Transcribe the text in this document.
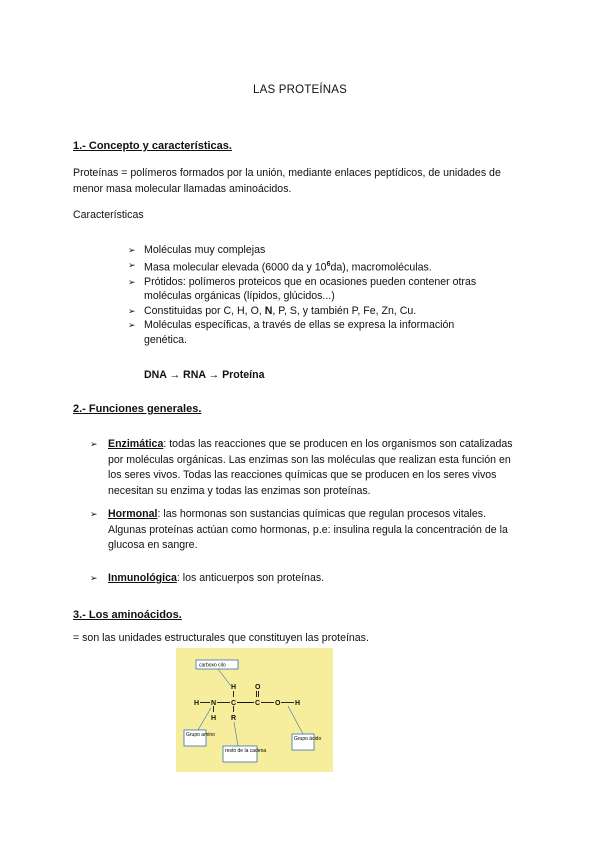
LAS PROTEÍNAS
1.- Concepto y características.
Proteínas = polímeros formados por la unión, mediante enlaces peptídicos, de unidades de menor masa molecular llamadas aminoácidos.
Características
➢ Moléculas muy complejas
➢ Masa molecular elevada (6000 da y $10^6da$), macromoléculas.
➢ Prótidos: polímeros proteicos que en ocasiones pueden contener otras moléculas orgánicas (lípidos, glúcidos...)
➢ Constituidas por C, H, O, N, P, S, y también P, Fe, Zn, Cu.
➢ Moléculas específicas, a través de ellas se expresa la información genética.
DNA → RNA → Proteína
2.- Funciones generales.
➢ Enzimática: todas las reacciones que se producen en los organismos son catalizadas por moléculas orgánicas. Las enzimas son las moléculas que realizan esta función en los seres vivos. Todas las reacciones químicas que se producen en los seres vivos necesitan su enzima y todas las enzimas son proteínas.
➢ Hormonal: las hormonas son sustancias químicas que regulan procesos vitales. Algunas proteínas actúan como hormonas, p.e: insulina regula la concentración de la glucosa en sangre.
➢ Inmunológica: los anticuerpos son proteínas.
3.- Los aminoácidos.
= son las unidades estructurales que constituyen las proteínas.
carboxo cilo
Grupo amino
resto de la cadena
Grupo ácido
H N C	C O H
H
R
O
H
